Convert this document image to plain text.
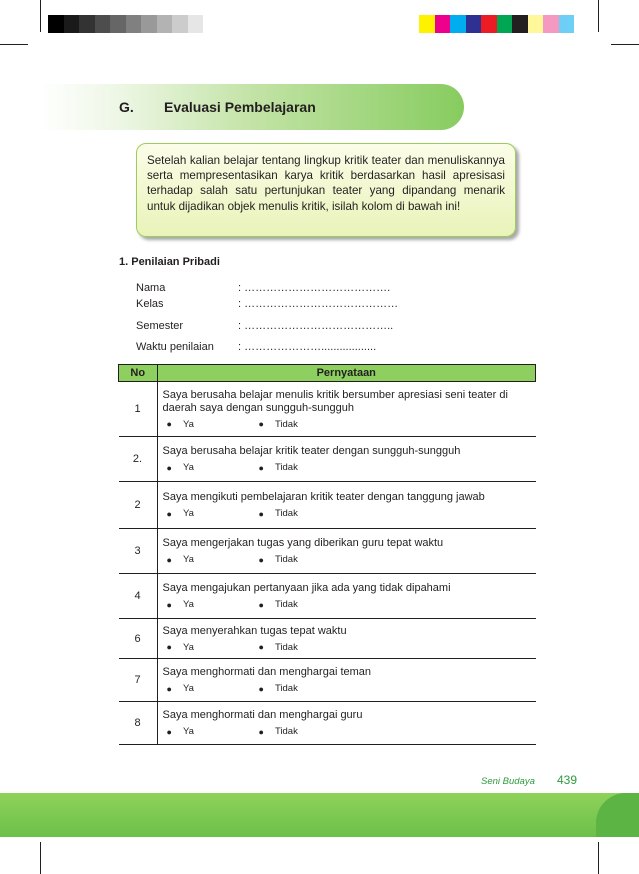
G. Evaluasi Pembelajaran
Setelah kalian belajar tentang lingkup kritik teater dan menuliskannya serta mempresentasikan karya kritik berdasarkan hasil apresisasi terhadap salah satu pertunjukan teater yang dipandang menarik untuk dijadikan objek menulis kritik, isilah kolom di bawah ini!
1. Penilaian Pribadi
Nama	: ………………………………….
Kelas	: ……………………………………
Semester	: …………………………………..
Waktu penilaian : …………………..................
No	Pernyataan
1	Saya berusaha belajar menulis kritik bersumber apresiasi seni teater di daerah saya dengan sungguh-sungguh
● Ya ● Tidak

2.	Saya berusaha belajar kritik teater dengan sungguh-sungguh
● Ya ● Tidak

2	Saya mengikuti pembelajaran kritik teater dengan tanggung jawab
● Ya ● Tidak

3	Saya mengerjakan tugas yang diberikan guru tepat waktu
● Ya ● Tidak

4	Saya mengajukan pertanyaan jika ada yang tidak dipahami
● Ya ● Tidak

6	Saya menyerahkan tugas tepat waktu
● Ya ● Tidak

7	Saya menghormati dan menghargai teman
● Ya ● Tidak

8	Saya menghormati dan menghargai guru
● Ya ● Tidak
Seni Budaya 439
